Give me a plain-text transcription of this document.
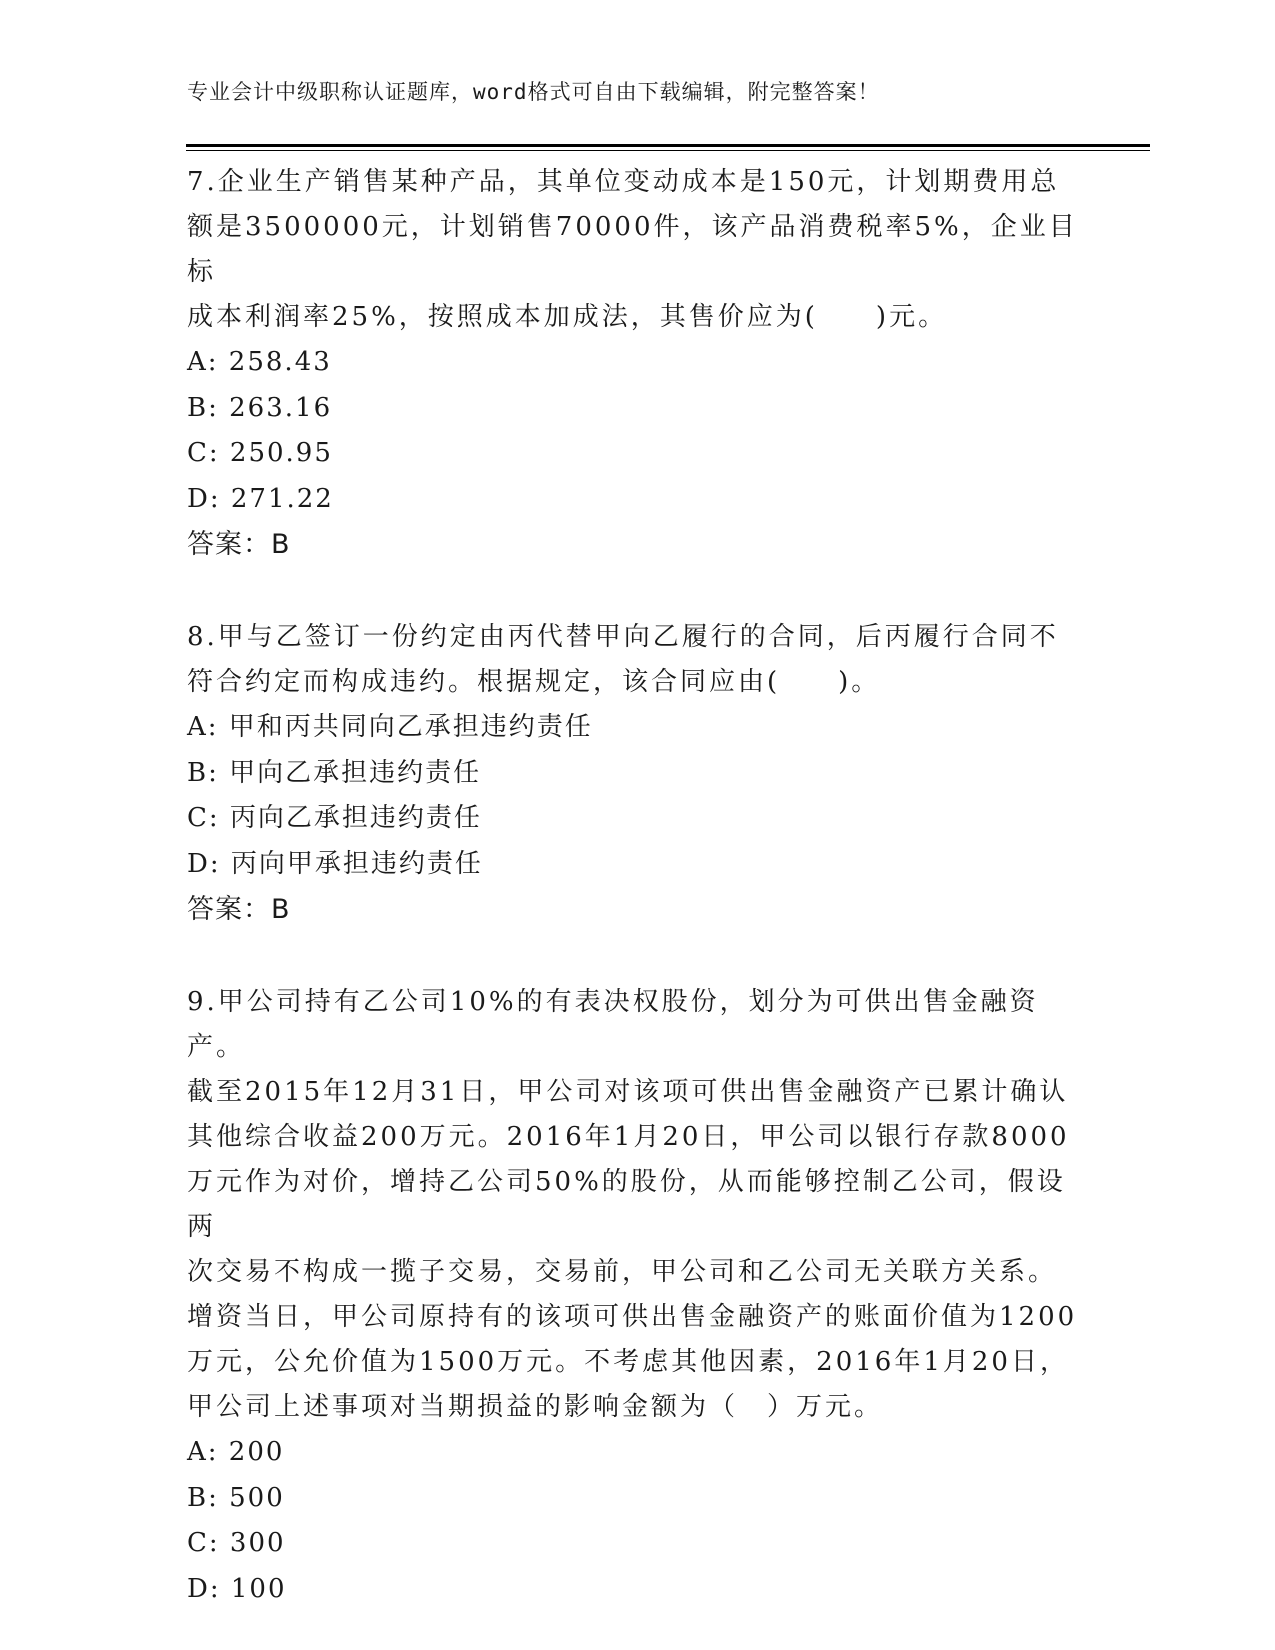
专业会计中级职称认证题库，word格式可自由下载编辑，附完整答案！
7.企业生产销售某种产品，其单位变动成本是150元，计划期费用总
额是3500000元，计划销售70000件，该产品消费税率5%，企业目标
成本利润率25%，按照成本加成法，其售价应为(　　)元。
A: 258.43
B: 263.16
C: 250.95
D: 271.22
答案：B
8.甲与乙签订一份约定由丙代替甲向乙履行的合同，后丙履行合同不
符合约定而构成违约。根据规定，该合同应由(　　)。
A: 甲和丙共同向乙承担违约责任
B: 甲向乙承担违约责任
C: 丙向乙承担违约责任
D: 丙向甲承担违约责任
答案：B
9.甲公司持有乙公司10%的有表决权股份，划分为可供出售金融资产。
截至2015年12月31日，甲公司对该项可供出售金融资产已累计确认
其他综合收益200万元。2016年1月20日，甲公司以银行存款8000
万元作为对价，增持乙公司50%的股份，从而能够控制乙公司，假设两
次交易不构成一揽子交易，交易前，甲公司和乙公司无关联方关系。
增资当日，甲公司原持有的该项可供出售金融资产的账面价值为1200
万元，公允价值为1500万元。不考虑其他因素，2016年1月20日，
甲公司上述事项对当期损益的影响金额为（　）万元。
A: 200
B: 500
C: 300
D: 100
